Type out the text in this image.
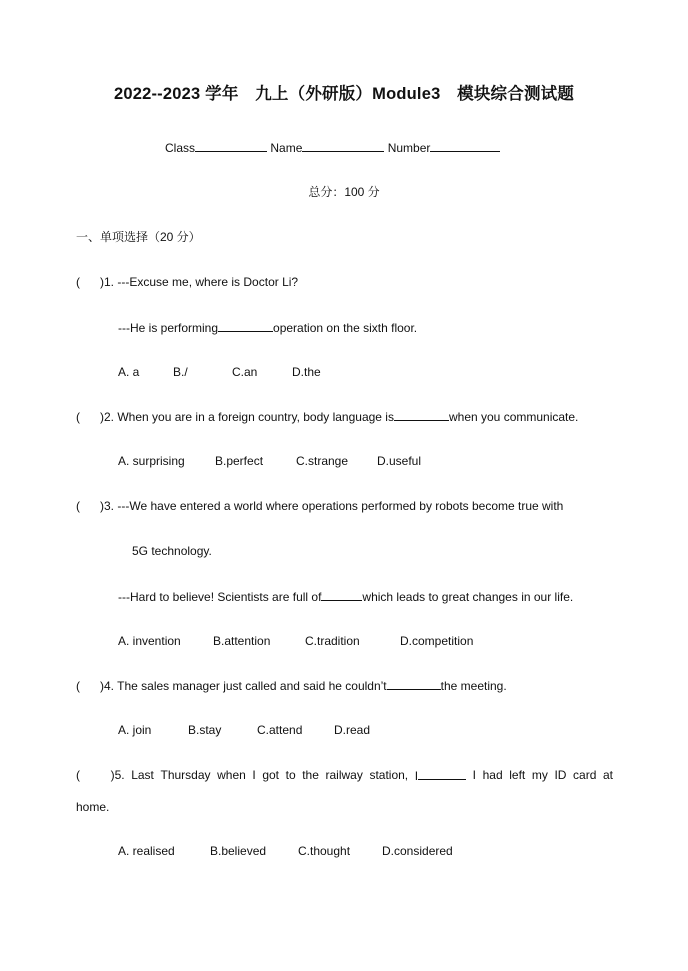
2022--2023 学年　九上（外研版）Module3　模块综合测试题
Class	Name	Number
总分：100 分
一、单项选择（20 分）
( )1. ---Excuse me, where is Doctor Li?
---He is performing	operation on the sixth floor.
A. a	B./	C.an	D.the
( )2. When you are in a foreign country, body language is	when you communicate.
A. surprising	B.perfect	C.strange D.useful
( )3. ---We have entered a world where operations performed by robots become true with
5G technology.
---Hard to believe! Scientists are full of	which leads to great changes in our life.
A. invention	B.attention	C.tradition	D.competition
( )4. The sales manager just called and said he couldn’t	the meeting.
A. join	B.stay	C.attend	D.read
(	)5. Last Thursday when I got to the railway station, I	I had left my ID card at
home.
A. realised	B.believed	C.thought	D.considered
